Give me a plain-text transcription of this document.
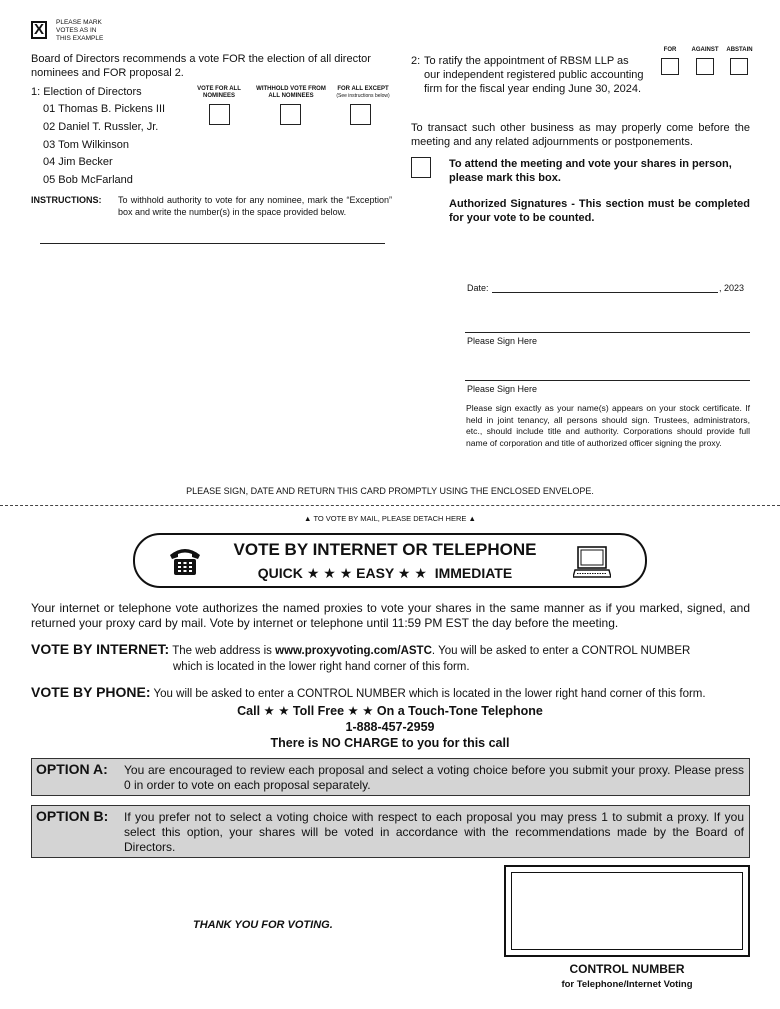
X	PLEASE MARK VOTES AS IN THIS EXAMPLE
Board of Directors recommends a vote FOR the election of all director nominees and FOR proposal 2.
1: Election of Directors	VOTE FOR ALL NOMINEES
WITHHOLD VOTE FROM ALL NOMINEES
FOR ALL EXCEPT
(See instructions below)
01 Thomas B. Pickens III
02 Daniel T. Russler, Jr.
03 Tom Wilkinson
04 Jim Becker
05 Bob McFarland
INSTRUCTIONS: To withhold authority to vote for any nominee, mark the “Exception” box and write the number(s) in the space provided below.
2: To ratify the appointment of RBSM LLP as our independent registered public accounting firm for the fiscal year ending June 30, 2024.
FOR	AGAINST	ABSTAIN
To transact such other business as may properly come before the meeting and any related adjournments or postponements.
To attend the meeting and vote your shares in person, please mark this box.
Authorized Signatures - This section must be completed for your vote to be counted.
Date:	, 2023
Please Sign Here
Please Sign Here
Please sign exactly as your name(s) appears on your stock certificate. If held in joint tenancy, all persons should sign. Trustees, administrators, etc., should include title and authority. Corporations should provide full name of corporation and title of authorized officer signing the proxy.
PLEASE SIGN, DATE AND RETURN THIS CARD PROMPTLY USING THE ENCLOSED ENVELOPE.
▲ TO VOTE BY MAIL, PLEASE DETACH HERE ▲
VOTE BY INTERNET OR TELEPHONE
QUICK ★ ★ ★ EASY ★ ★ IMMEDIATE
Your internet or telephone vote authorizes the named proxies to vote your shares in the same manner as if you marked, signed, and returned your proxy card by mail. Vote by internet or telephone until 11:59 PM EST the day before the meeting.
VOTE BY INTERNET: The web address is www.proxyvoting.com/ASTC. You will be asked to enter a CONTROL NUMBER
which is located in the lower right hand corner of this form.
VOTE BY PHONE: You will be asked to enter a CONTROL NUMBER which is located in the lower right hand corner of this form.
Call ★ ★ Toll Free ★ ★ On a Touch-Tone Telephone
1-888-457-2959
There is NO CHARGE to you for this call
OPTION A: You are encouraged to review each proposal and select a voting choice before you submit your proxy. Please press 0 in order to vote on each proposal separately.
OPTION B: If you prefer not to select a voting choice with respect to each proposal you may press 1 to submit a proxy. If you select this option, your shares will be voted in accordance with the recommendations made by the Board of Directors.
THANK YOU FOR VOTING.
CONTROL NUMBER
for Telephone/Internet Voting
